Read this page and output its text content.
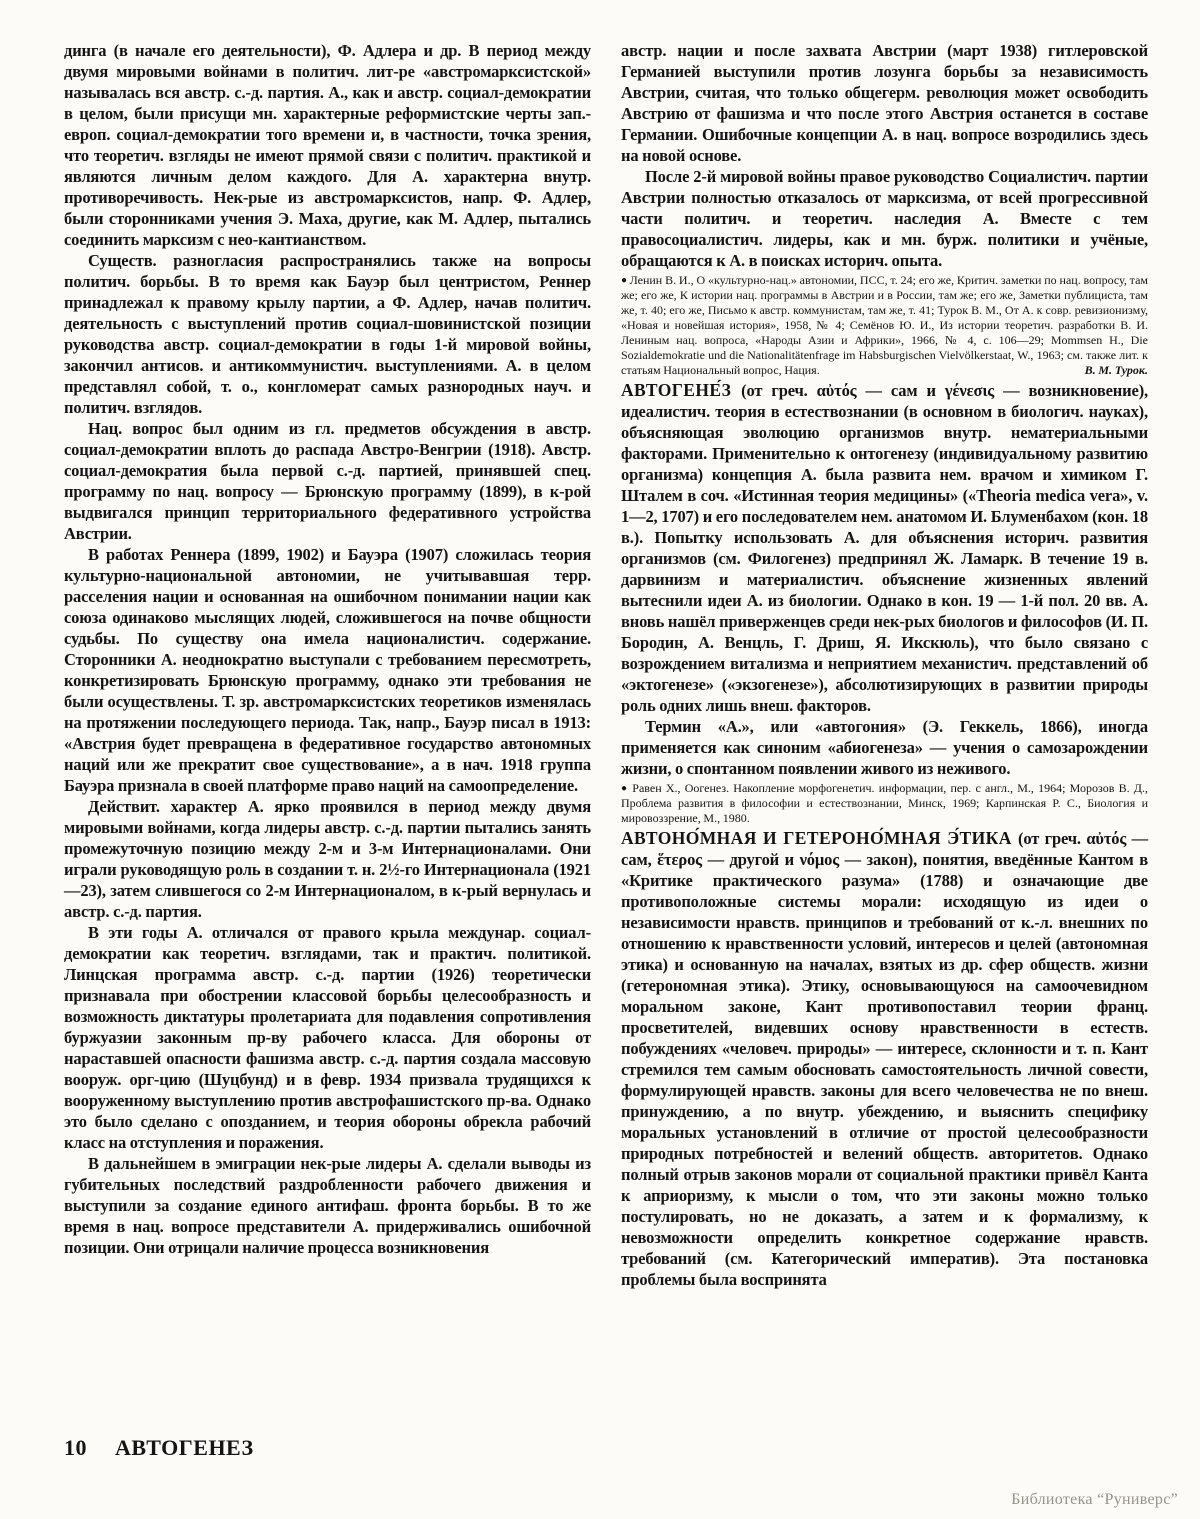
динга (в начале его деятельности), Ф. Адлера и др. В период между двумя мировыми войнами в политич. лит-ре «австромарксистской» называлась вся австр. с.-д. партия. А., как и австр. социал-демократии в целом, были присущи мн. характерные реформистские черты зап.-европ. социал-демократии того времени и, в частности, точка зрения, что теоретич. взгляды не имеют прямой связи с политич. практикой и являются личным делом каждого. Для А. характерна внутр. противоречивость. Нек-рые из австромарксистов, напр. Ф. Адлер, были сторонниками учения Э. Маха, другие, как М. Адлер, пытались соединить марксизм с нео-кантианством.

Существ. разногласия распространялись также на вопросы политич. борьбы. В то время как Бауэр был центристом, Реннер принадлежал к правому крылу партии, а Ф. Адлер, начав политич. деятельность с выступлений против социал-шовинистской позиции руководства австр. социал-демократии в годы 1-й мировой войны, закончил антисов. и антикоммунистич. выступлениями. А. в целом представлял собой, т. о., конгломерат самых разнородных науч. и политич. взглядов.

Нац. вопрос был одним из гл. предметов обсуждения в австр. социал-демократии вплоть до распада Австро-Венгрии (1918). Австр. социал-демократия была первой с.-д. партией, принявшей спец. программу по нац. вопросу — Брюнскую программу (1899), в к-рой выдвигался принцип территориального федеративного устройства Австрии.

В работах Реннера (1899, 1902) и Бауэра (1907) сложилась теория культурно-национальной автономии, не учитывавшая терр. расселения нации и основанная на ошибочном понимании нации как союза одинаково мыслящих людей, сложившегося на почве общности судьбы. По существу она имела националистич. содержание. Сторонники А. неоднократно выступали с требованием пересмотреть, конкретизировать Брюнскую программу, однако эти требования не были осуществлены. Т. зр. австромарксистских теоретиков изменялась на протяжении последующего периода. Так, напр., Бауэр писал в 1913: «Австрия будет превращена в федеративное государство автономных наций или же прекратит свое существование», а в нач. 1918 группа Бауэра признала в своей платформе право наций на самоопределение.

Действит. характер А. ярко проявился в период между двумя мировыми войнами, когда лидеры австр. с.-д. партии пытались занять промежуточную позицию между 2-м и 3-м Интернационалами. Они играли руководящую роль в создании т. н. 2½-го Интернационала (1921—23), затем слившегося со 2-м Интернационалом, в к-рый вернулась и австр. с.-д. партия.

В эти годы А. отличался от правого крыла междунар. социал-демократии как теоретич. взглядами, так и практич. политикой. Линцская программа австр. с.-д. партии (1926) теоретически признавала при обострении классовой борьбы целесообразность и возможность диктатуры пролетариата для подавления сопротивления буржуазии законным пр-ву рабочего класса. Для обороны от нараставшей опасности фашизма австр. с.-д. партия создала массовую вооруж. орг-цию (Шуцбунд) и в февр. 1934 призвала трудящихся к вооруженному выступлению против австрофашистского пр-ва. Однако это было сделано с опозданием, и теория обороны обрекла рабочий класс на отступления и поражения.

В дальнейшем в эмиграции нек-рые лидеры А. сделали выводы из губительных последствий раздробленности рабочего движения и выступили за создание единого антифаш. фронта борьбы. В то же время в нац. вопросе представители А. придерживались ошибочной позиции. Они отрицали наличие процесса возникновения

австр. нации и после захвата Австрии (март 1938) гитлеровской Германией выступили против лозунга борьбы за независимость Австрии, считая, что только общегерм. революция может освободить Австрию от фашизма и что после этого Австрия останется в составе Германии. Ошибочные концепции А. в нац. вопросе возродились здесь на новой основе.

После 2-й мировой войны правое руководство Социалистич. партии Австрии полностью отказалось от марксизма, от всей прогрессивной части политич. и теоретич. наследия А. Вместе с тем правосоциалистич. лидеры, как и мн. бурж. политики и учёные, обращаются к А. в поисках историч. опыта.

● Ленин В. И., О «культурно-нац.» автономии, ПСС, т. 24; его же, Критич. заметки по нац. вопросу, там же; его же, К истории нац. программы в Австрии и в России, там же; его же, Заметки публициста, там же, т. 40; его же, Письмо к австр. коммунистам, там же, т. 41; Турок В. М., От А. к совр. ревизионизму, «Новая и новейшая история», 1958, № 4; Семёнов Ю. И., Из истории теоретич. разработки В. И. Лениным нац. вопроса, «Народы Азии и Африки», 1966, № 4, с. 106—29; Mommsen H., Die Sozialdemokratie und die Nationalitätenfrage im Habsburgischen Vielvölkerstaat, W., 1963; см. также лит. к статьям Национальный вопрос, Нация.	В. М. Турок.

АВТОГЕНЕ́З (от греч. αὐτός — сам и γένεσις — возникновение), идеалистич. теория в естествознании (в основном в биологич. науках), объясняющая эволюцию организмов внутр. нематериальными факторами. Применительно к онтогенезу (индивидуальному развитию организма) концепция А. была развита нем. врачом и химиком Г. Шталем в соч. «Истинная теория медицины» («Theoria medica vera», v. 1—2, 1707) и его последователем нем. анатомом И. Блуменбахом (кон. 18 в.). Попытку использовать А. для объяснения историч. развития организмов (см. Филогенез) предпринял Ж. Ламарк. В течение 19 в. дарвинизм и материалистич. объяснение жизненных явлений вытеснили идеи А. из биологии. Однако в кон. 19 — 1-й пол. 20 вв. А. вновь нашёл приверженцев среди нек-рых биологов и философов (И. П. Бородин, А. Венцль, Г. Дриш, Я. Икскюль), что было связано с возрождением витализма и неприятием механистич. представлений об «эктогенезе» («экзогенезе»), абсолютизирующих в развитии природы роль одних лишь внеш. факторов.

Термин «А.», или «автогония» (Э. Геккель, 1866), иногда применяется как синоним «абиогенеза» — учения о самозарождении жизни, о спонтанном появлении живого из неживого.

● Равен Х., Оогенез. Накопление морфогенетич. информации, пер. с англ., М., 1964; Морозов В. Д., Проблема развития в философии и естествознании, Минск, 1969; Карпинская Р. С., Биология и мировоззрение, М., 1980.

АВТОНО́МНАЯ И ГЕТЕРОНО́МНАЯ Э́ТИКА (от греч. αὐτός — сам, ἕτερος — другой и νόμος — закон), понятия, введённые Кантом в «Критике практического разума» (1788) и означающие две противоположные системы морали: исходящую из идеи о независимости нравств. принципов и требований от к.-л. внешних по отношению к нравственности условий, интересов и целей (автономная этика) и основанную на началах, взятых из др. сфер обществ. жизни (гетерономная этика). Этику, основывающуюся на самоочевидном моральном законе, Кант противопоставил теории франц. просветителей, видевших основу нравственности в естеств. побуждениях «человеч. природы» — интересе, склонности и т. п. Кант стремился тем самым обосновать самостоятельность личной совести, формулирующей нравств. законы для всего человечества не по внеш. принуждению, а по внутр. убеждению, и выяснить специфику моральных установлений в отличие от простой целесообразности природных потребностей и велений обществ. авторитетов. Однако полный отрыв законов морали от социальной практики привёл Канта к априоризму, к мысли о том, что эти законы можно только постулировать, но не доказать, а затем и к формализму, к невозможности определить конкретное содержание нравств. требований (см. Категорический императив). Эта постановка проблемы была воспринята

10 АВТОГЕНЕЗ
Библиотека “Руниверс”
